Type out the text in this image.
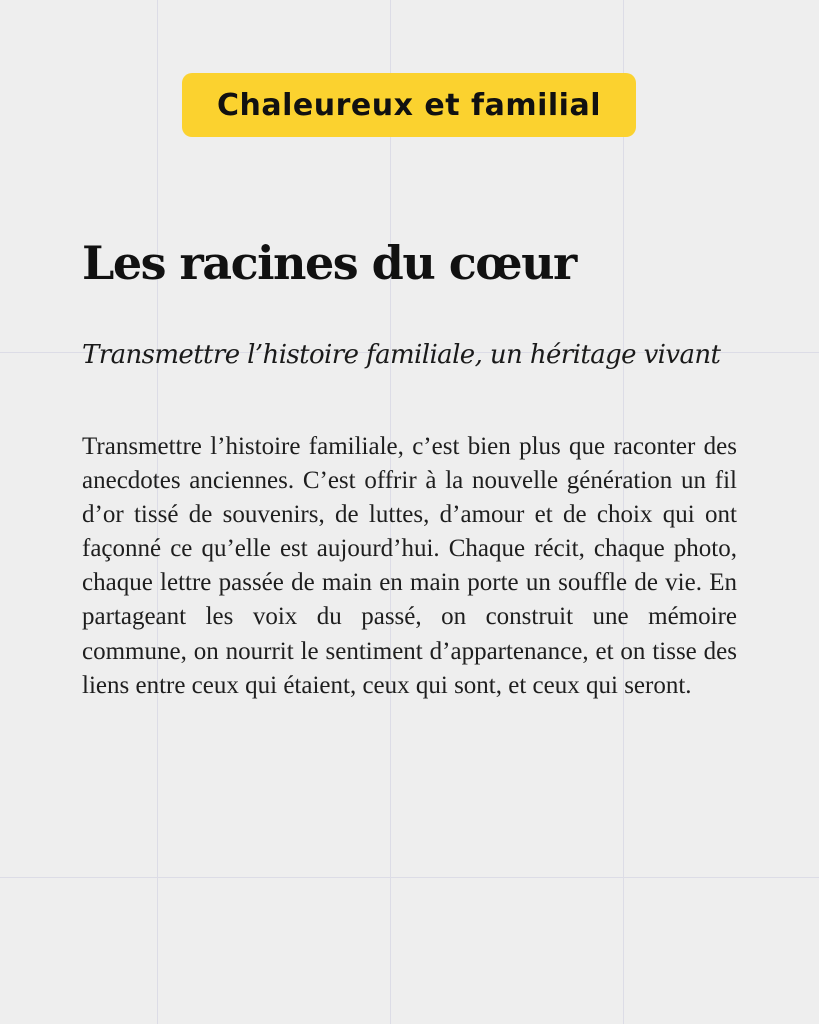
Chaleureux et familial
Les racines du cœur

Transmettre l’histoire familiale, un héritage vivant

Transmettre l’histoire familiale, c’est bien plus que raconter des anecdotes anciennes. C’est offrir à la nouvelle génération un fil d’or tissé de souvenirs, de luttes, d’amour et de choix qui ont façonné ce qu’elle est aujourd’hui. Chaque récit, chaque photo, chaque lettre passée de main en main porte un souffle de vie. En partageant les voix du passé, on construit une mémoire commune, on nourrit le sentiment d’appartenance, et on tisse des liens entre ceux qui étaient, ceux qui sont, et ceux qui seront.
